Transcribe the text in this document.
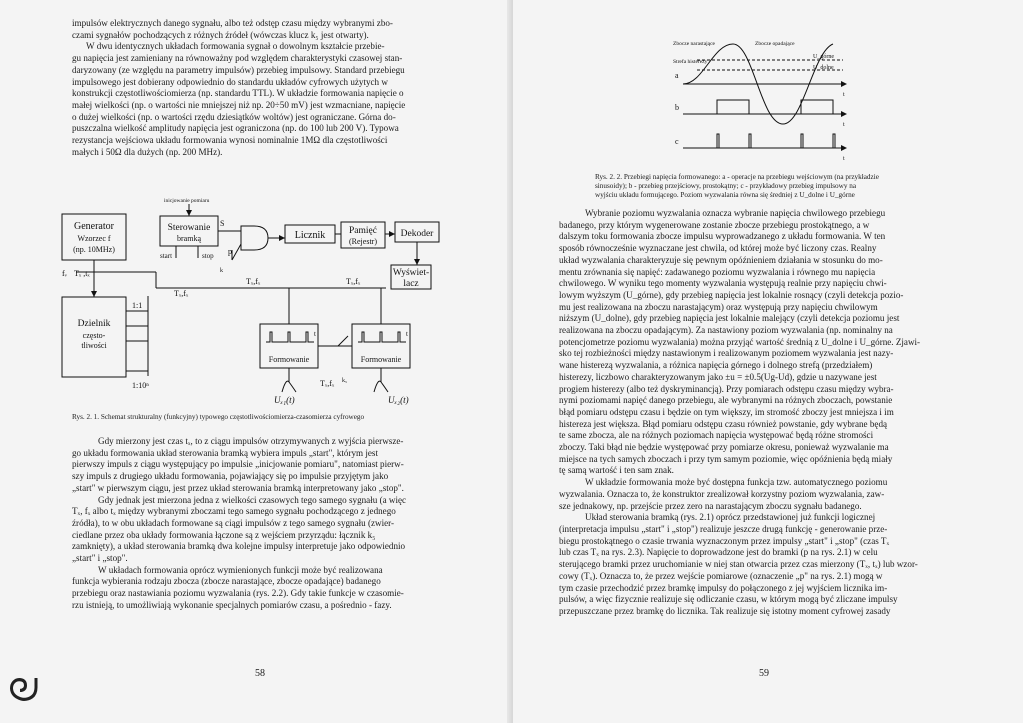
impulsów elektrycznych danego sygnału, albo też odstęp czasu między wybranymi zbo-
czami sygnałów pochodzących z różnych źródeł (wówczas klucz k₅ jest otwarty).
W dwu identycznych układach formowania sygnał o dowolnym kształcie przebie-
gu napięcia jest zamieniany na równoważny pod względem charakterystyki czasowej stan-
daryzowany (ze względu na parametry impulsów) przebieg impulsowy. Standard przebiegu
impulsowego jest dobierany odpowiednio do standardu układów cyfrowych użytych w
konstrukcji częstotliwościomierza (np. standardu TTL). W układzie formowania napięcie o
małej wielkości (np. o wartości nie mniejszej niż np. 20÷50 mV) jest wzmacniane, napięcie
o dużej wielkości (np. o wartości rzędu dziesiątków woltów) jest ograniczane. Górna do-
puszczalna wielkość amplitudy napięcia jest ograniczona (np. do 100 lub 200 V). Typowa
rezystancja wejściowa układu formowania wynosi nominalnie 1MΩ dla częstotliwości
małych i 50Ω dla dużych (np. 200 MHz).
inicjowanie pomiaru
Generator
Wzorzec f
(np. 10MHz)
Sterowanie
bramką	Licznik Pamięć
(Rejestr)
Dekoder
Wyświet-
lacz
Dzielnik
często-
tliwości
Formowanie	Formowanie
start	stop
1:1
1:10ⁿ
Uₓ₁(t)	Uₓ₂(t)
fᵥ Tₓ ,tₓ
Tₓ,fₓ
Tₓ,fₓ	Tₓ,fₓ
Tₓ,fₓ
S
p
k
k₅
t	t
Rys. 2. 1. Schemat strukturalny (funkcyjny) typowego częstotliwościomierza-czasomierza cyfrowego
Gdy mierzony jest czas tₓ, to z ciągu impulsów otrzymywanych z wyjścia pierwsze-
go układu formowania układ sterowania bramką wybiera impuls „start", którym jest
pierwszy impuls z ciągu występujący po impulsie „inicjowanie pomiaru", natomiast pierw-
szy impuls z drugiego układu formowania, pojawiający się po impulsie przyjętym jako
„start" w pierwszym ciągu, jest przez układ sterowania bramką interpretowany jako „stop".
Gdy jednak jest mierzona jedna z wielkości czasowych tego samego sygnału (a więc
Tₓ, fₓ albo tₓ między wybranymi zboczami tego samego sygnału pochodzącego z jednego
źródła), to w obu układach formowane są ciągi impulsów z tego samego sygnału (zwier-
ciedlane przez oba układy formowania łączone są z wejściem przyrządu: łącznik k₅
zamknięty), a układ sterowania bramką dwa kolejne impulsy interpretuje jako odpowiednio
„start" i „stop".
W układach formowania oprócz wymienionych funkcji może być realizowana
funkcja wybierania rodzaju zbocza (zbocze narastające, zbocze opadające) badanego
przebiegu oraz nastawiania poziomu wyzwalania (rys. 2.2). Gdy takie funkcje w czasomie-
rzu istnieją, to umożliwiają wykonanie specjalnych pomiarów czasu, a pośrednio - fazy.
58
ᘐ
Zbocze narastające	Zbocze opadające
Strefa histerezy
U_górne
U_dolne
a
b
c
t
t
t
Rys. 2. 2. Przebiegi napięcia formowanego: a - operacje na przebiegu wejściowym (na przykładzie
sinusoidy); b - przebieg przejściowy, prostokątny; c - przykładowy przebieg impulsowy na
wyjściu układu formującego. Poziom wyzwalania równa się średniej z U_dolne i U_górne
Wybranie poziomu wyzwalania oznacza wybranie napięcia chwilowego przebiegu
badanego, przy którym wygenerowane zostanie zbocze przebiegu prostokątnego, a w
dalszym toku formowania zbocze impulsu wyprowadzanego z układu formowania. W ten
sposób równocześnie wyznaczane jest chwila, od której może być liczony czas. Realny
układ wyzwalania charakteryzuje się pewnym opóźnieniem działania w stosunku do mo-
mentu zrównania się napięć: zadawanego poziomu wyzwalania i równego mu napięcia
chwilowego. W wyniku tego momenty wyzwalania występują realnie przy napięciu chwi-
lowym wyższym (U_górne), gdy przebieg napięcia jest lokalnie rosnący (czyli detekcja pozio-
mu jest realizowana na zboczu narastającym) oraz występują przy napięciu chwilowym
niższym (U_dolne), gdy przebieg napięcia jest lokalnie malejący (czyli detekcja poziomu jest
realizowana na zboczu opadającym). Za nastawiony poziom wyzwalania (np. nominalny na
potencjometrze poziomu wyzwalania) można przyjąć wartość średnią z U_dolne i U_górne. Zjawi-
sko tej rozbieżności między nastawionym i realizowanym poziomem wyzwalania jest nazy-
wane histerezą wyzwalania, a różnica napięcia górnego i dolnego strefą (przedziałem)
histerezy, liczbowo charakteryzowanym jako ±u = ±0.5(Ug-Ud), gdzie u nazywane jest
progiem histerezy (albo też dyskryminancją). Przy pomiarach odstępu czasu między wybra-
nymi poziomami napięć danego przebiegu, ale wybranymi na różnych zboczach, powstanie
błąd pomiaru odstępu czasu i będzie on tym większy, im stromość zboczy jest mniejsza i im
histereza jest większa. Błąd pomiaru odstępu czasu również powstanie, gdy wybrane będą
te same zbocza, ale na różnych poziomach napięcia występować będą różne stromości
zboczy. Taki błąd nie będzie występować przy pomiarze okresu, ponieważ wyzwalanie ma
miejsce na tych samych zboczach i przy tym samym poziomie, więc opóźnienia będą miały
tę samą wartość i ten sam znak.
W układzie formowania może być dostępna funkcja tzw. automatycznego poziomu
wyzwalania. Oznacza to, że konstruktor zrealizował korzystny poziom wyzwalania, zaw-
sze jednakowy, np. przejście przez zero na narastającym zboczu sygnału badanego.
Układ sterowania bramką (rys. 2.1) oprócz przedstawionej już funkcji logicznej
(interpretacja impulsu „start" i „stop") realizuje jeszcze drugą funkcję - generowanie prze-
biegu prostokątnego o czasie trwania wyznaczonym przez impulsy „start" i „stop" (czas Tₓ
lub czas Tₓ na rys. 2.3). Napięcie to doprowadzone jest do bramki (p na rys. 2.1) w celu
sterującego bramki przez uruchomianie w niej stan otwarcia przez czas mierzony (Tₓ, tₓ) lub wzor-
cowy (Tₓ). Oznacza to, że przez wejście pomiarowe (oznaczenie „p" na rys. 2.1) mogą w
tym czasie przechodzić przez bramkę impulsy do połączonego z jej wyjściem licznika im-
pulsów, a więc fizycznie realizuje się odliczanie czasu, w którym mogą być zliczane impulsy
przepuszczane przez bramkę do licznika. Tak realizuje się istotny moment cyfrowej zasady
59
